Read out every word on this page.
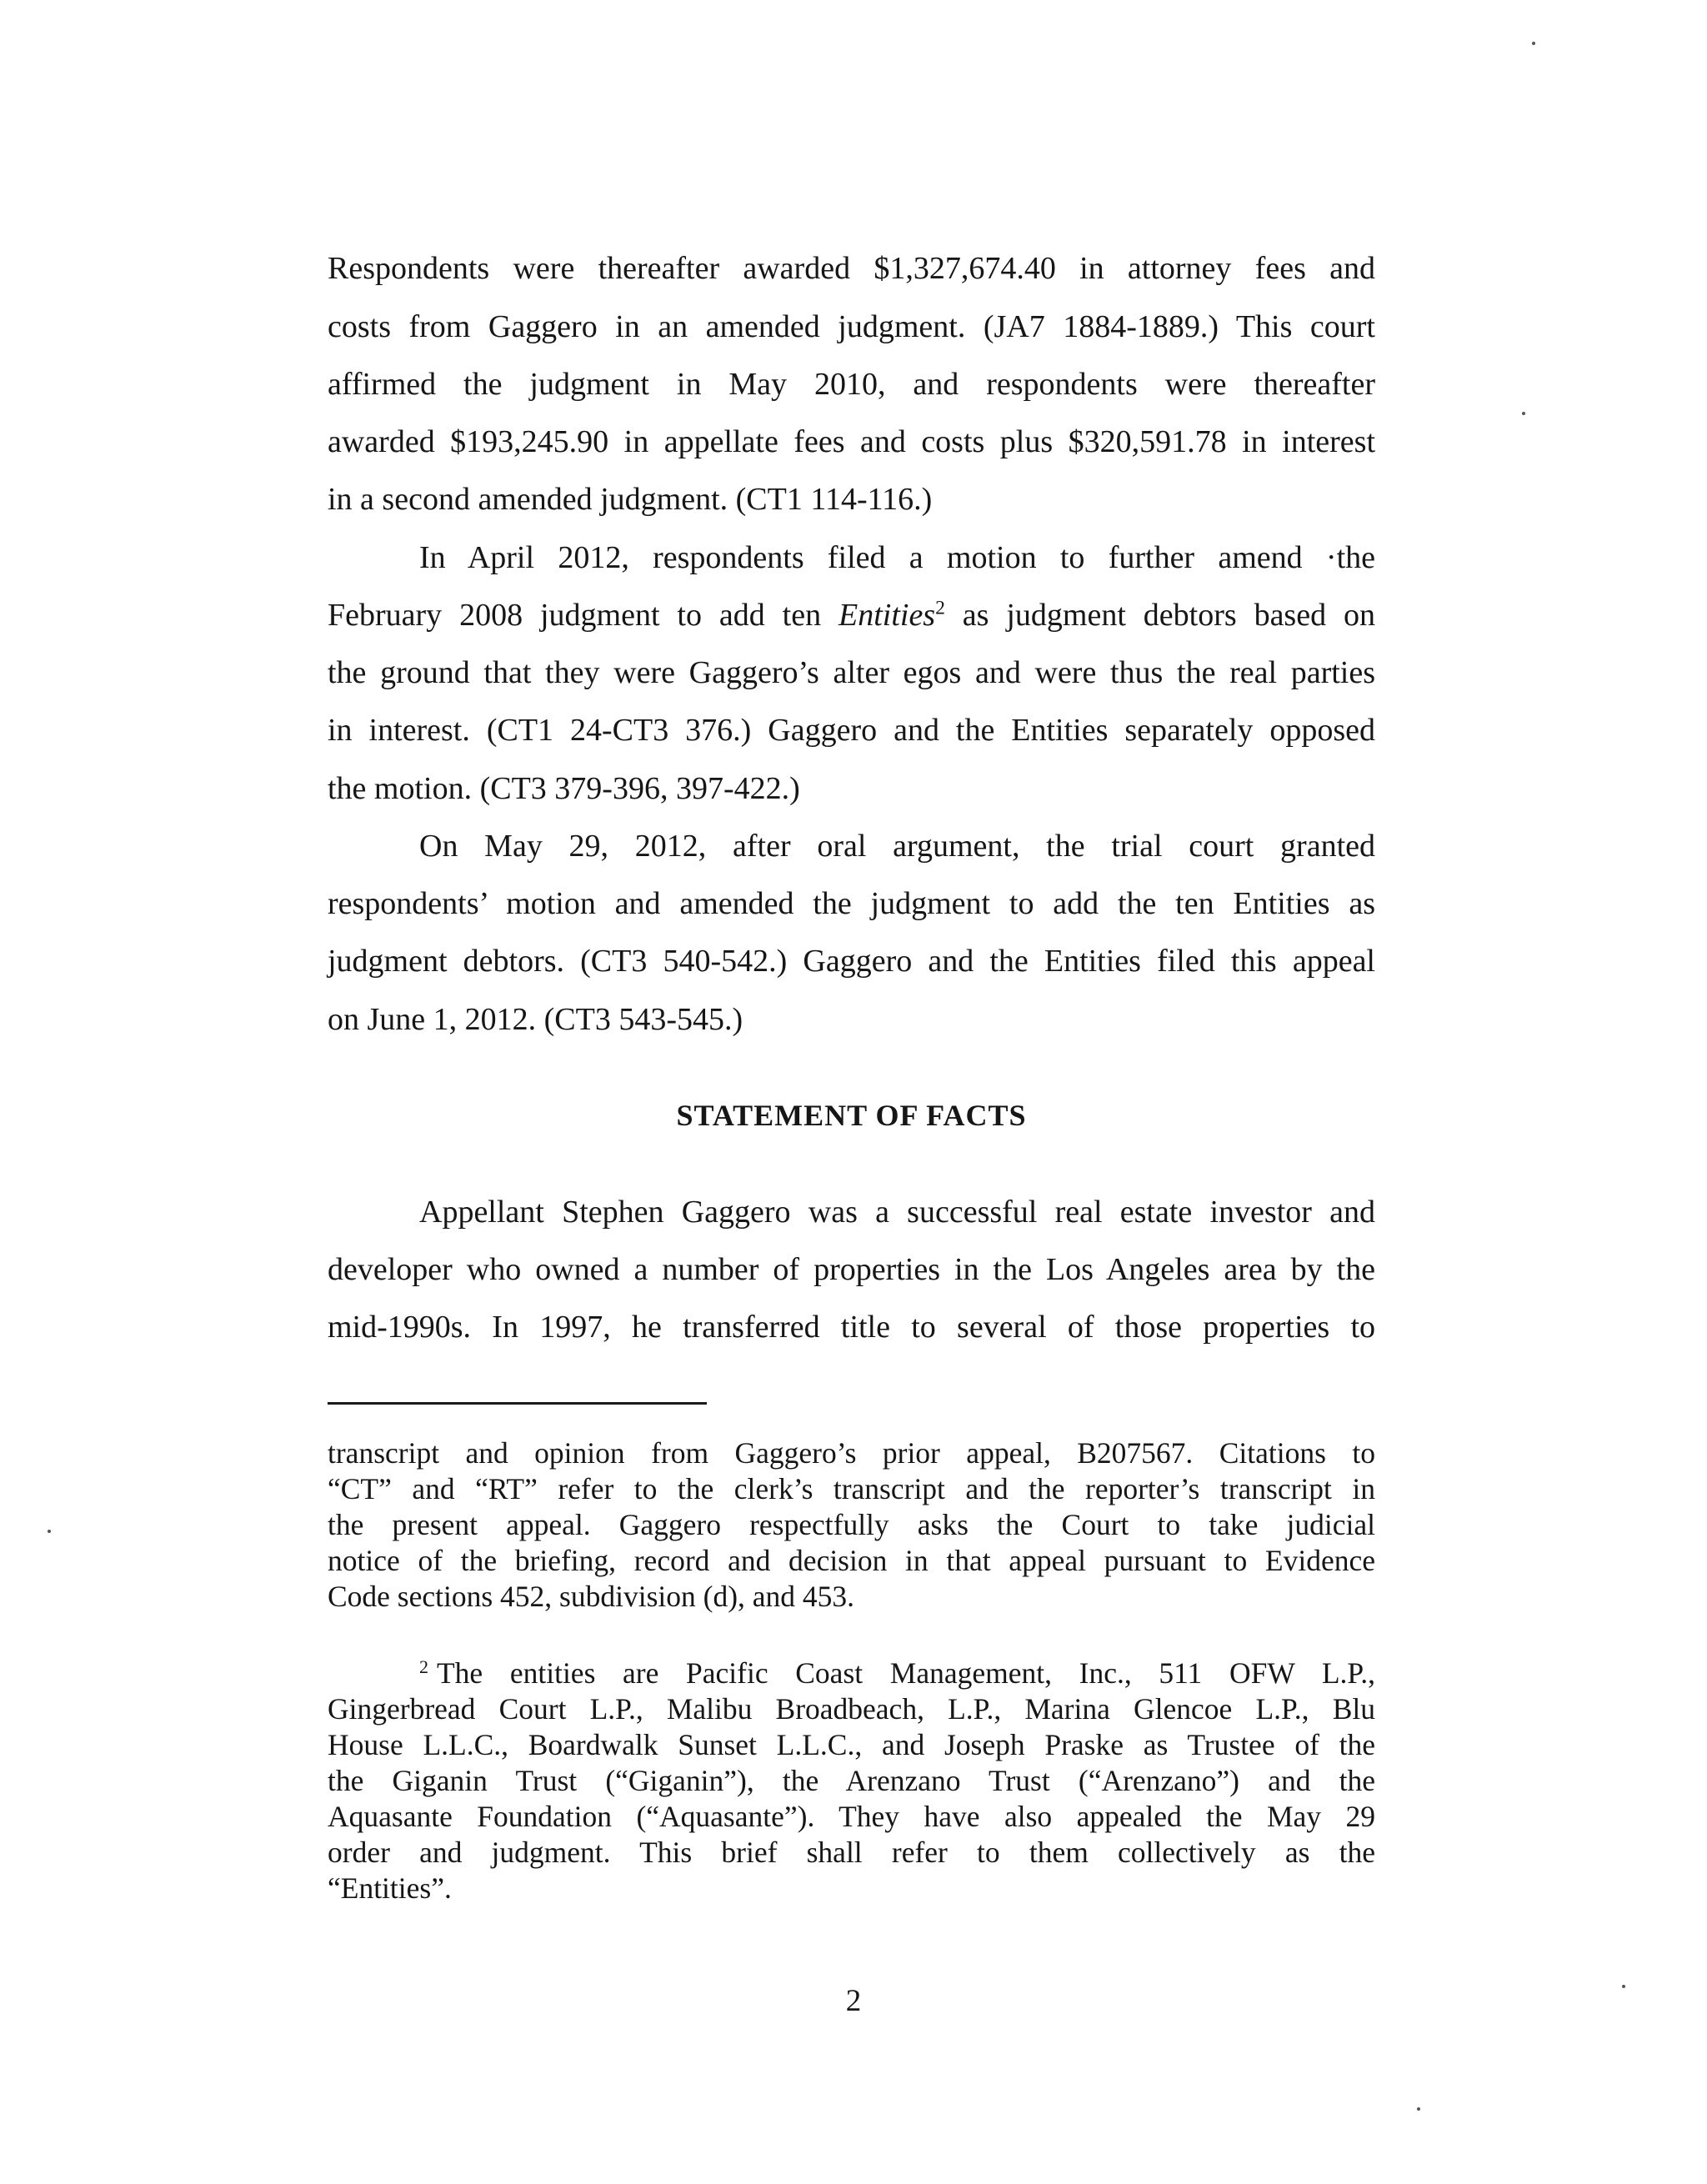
Respondents were thereafter awarded $1,327,674.40 in attorney fees and

costs from Gaggero in an amended judgment. (JA7 1884-1889.) This court

affirmed the judgment in May 2010, and respondents were thereafter

awarded $193,245.90 in appellate fees and costs plus $320,591.78 in interest

in a second amended judgment. (CT1 114-116.)

In April 2012, respondents filed a motion to further amend ·the

February 2008 judgment to add ten Entities$^2$ as judgment debtors based on

the ground that they were Gaggero’s alter egos and were thus the real parties

in interest. (CT1 24-CT3 376.) Gaggero and the Entities separately opposed

the motion. (CT3 379-396, 397-422.)

On May 29, 2012, after oral argument, the trial court granted

respondents’ motion and amended the judgment to add the ten Entities as

judgment debtors. (CT3 540-542.) Gaggero and the Entities filed this appeal

on June 1, 2012. (CT3 543-545.)

STATEMENT OF FACTS

Appellant Stephen Gaggero was a successful real estate investor and

developer who owned a number of properties in the Los Angeles area by the

mid-1990s. In 1997, he transferred title to several of those properties to

transcript and opinion from Gaggero’s prior appeal, B207567. Citations to

“CT” and “RT” refer to the clerk’s transcript and the reporter’s transcript in

the present appeal. Gaggero respectfully asks the Court to take judicial

notice of the briefing, record and decision in that appeal pursuant to Evidence

Code sections 452, subdivision (d), and 453.

$^2$ The entities are Pacific Coast Management, Inc., 511 OFW L.P.,

Gingerbread Court L.P., Malibu Broadbeach, L.P., Marina Glencoe L.P., Blu

House L.L.C., Boardwalk Sunset L.L.C., and Joseph Praske as Trustee of the

the Giganin Trust (“Giganin”), the Arenzano Trust (“Arenzano”) and the

Aquasante Foundation (“Aquasante”). They have also appealed the May 29

order and judgment. This brief shall refer to them collectively as the

“Entities”.

2
